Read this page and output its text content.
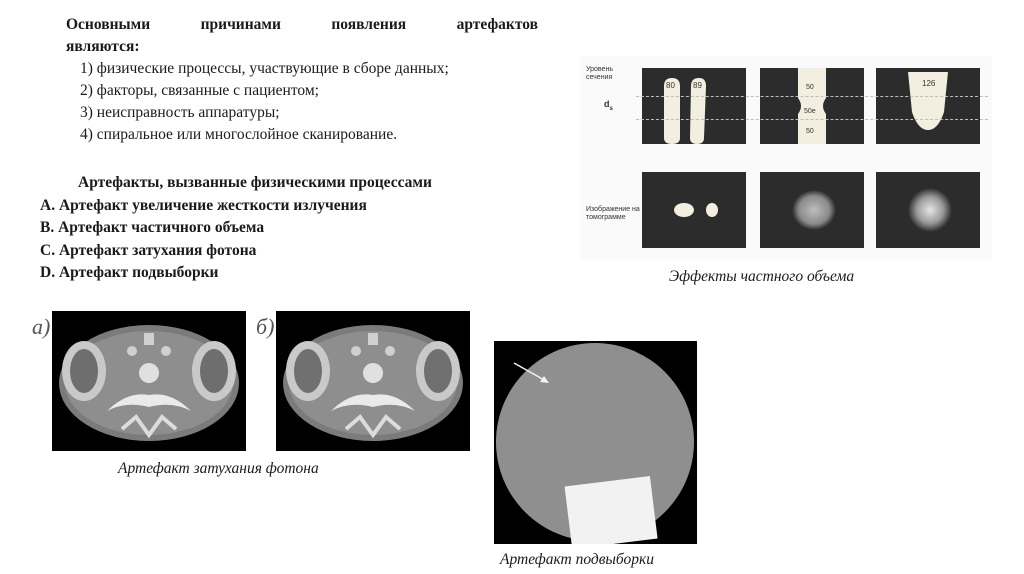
Основными причинами появления артефактов
являются:
1) физические процессы, участвующие в сборе данных;
2) факторы, связанные с пациентом;
3) неисправность аппаратуры;
4) спиральное или многослойное сканирование.
Артефакты, вызванные физическими процессами
A. Артефакт увеличение жесткости излучения
B. Артефакт частичного объема
C. Артефакт затухания фотона
D. Артефакт подвыборки
Уровень сечения
$d_s$
Изображение на томограмме
80 89	50
50e
50
126
Эффекты частного объема
а)	б)
Артефакт затухания фотона
Артефакт подвыборки
